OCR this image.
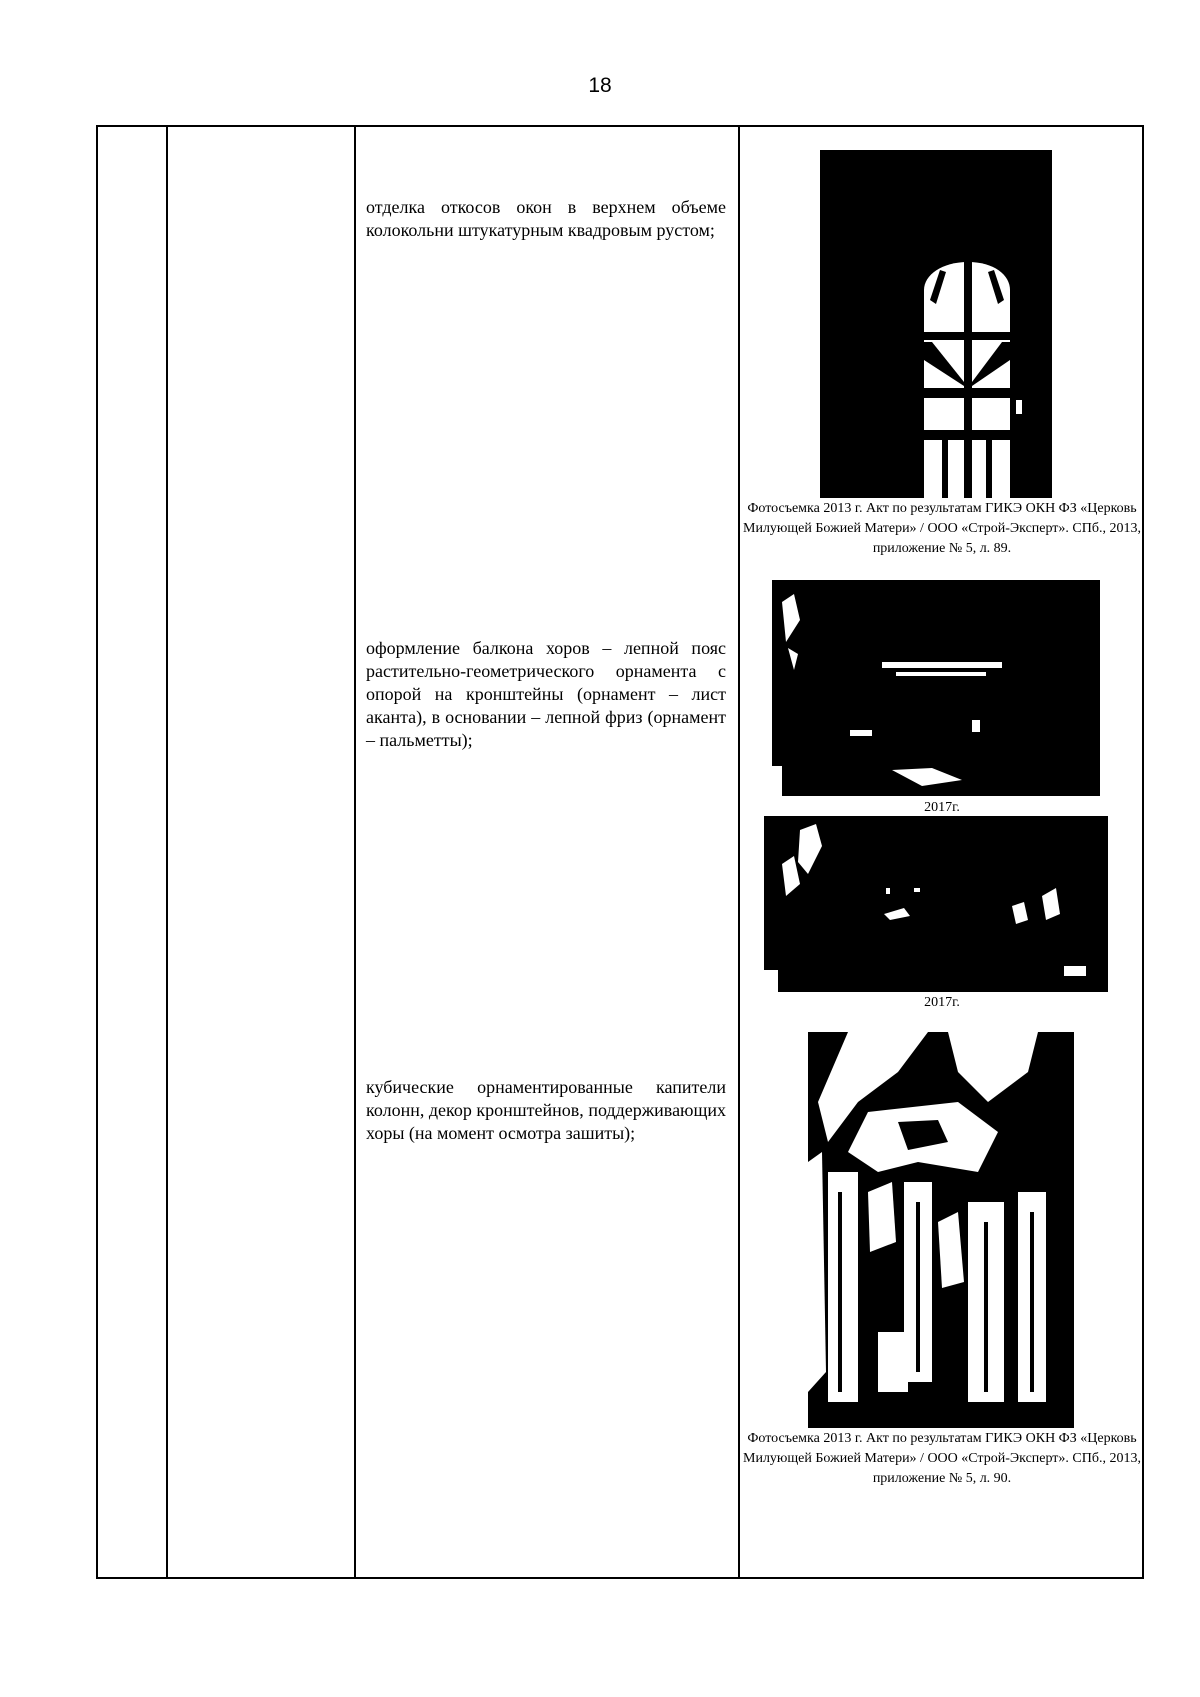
18
отделка откосов окон в верхнем объеме колокольни штукатурным квадровым рустом;
Фотосъемка 2013 г. Акт по результатам ГИКЭ ОКН ФЗ «Церковь Милующей Божией Матери» / ООО «Строй-Эксперт». СПб., 2013, приложение № 5, л. 89.
оформление балкона хоров – лепной пояс растительно-геометрического орнамента с опорой на кронштейны (орнамент – лист аканта), в основании – лепной фриз (орнамент – пальметты);
2017г.
2017г.
кубические орнаментированные капители колонн, декор кронштейнов, поддерживающих хоры (на момент осмотра зашиты);
Фотосъемка 2013 г. Акт по результатам ГИКЭ ОКН ФЗ «Церковь Милующей Божией Матери» / ООО «Строй-Эксперт». СПб., 2013, приложение № 5, л. 90.
